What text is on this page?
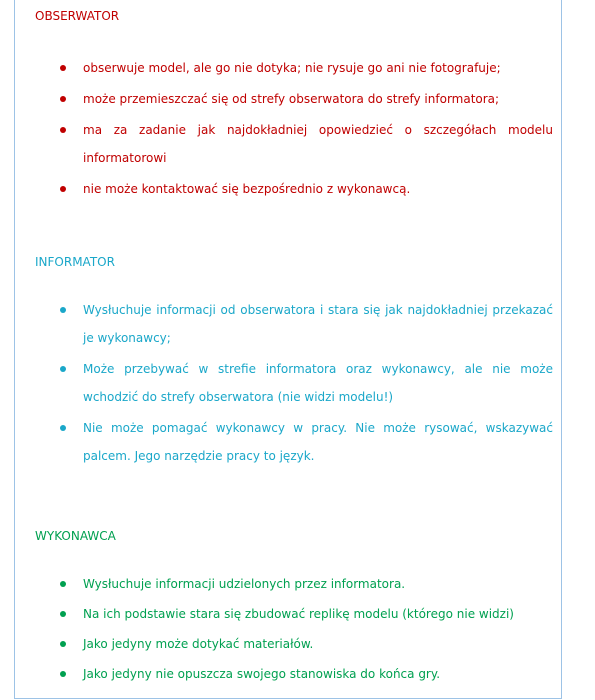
OBSERWATOR
obserwuje model, ale go nie dotyka; nie rysuje go ani nie fotografuje;
może przemieszczać się od strefy obserwatora do strefy informatora;
ma za zadanie jak najdokładniej opowiedzieć o szczegółach modelu informatorowi
nie może kontaktować się bezpośrednio z wykonawcą.
INFORMATOR
Wysłuchuje informacji od obserwatora i stara się jak najdokładniej przekazać je wykonawcy;
Może przebywać w strefie informatora oraz wykonawcy, ale nie może wchodzić do strefy obserwatora (nie widzi modelu!)
Nie może pomagać wykonawcy w pracy. Nie może rysować, wskazywać palcem. Jego narzędzie pracy to język.
WYKONAWCA
Wysłuchuje informacji udzielonych przez informatora.
Na ich podstawie stara się zbudować replikę modelu (którego nie widzi)
Jako jedyny może dotykać materiałów.
Jako jedyny nie opuszcza swojego stanowiska do końca gry.
